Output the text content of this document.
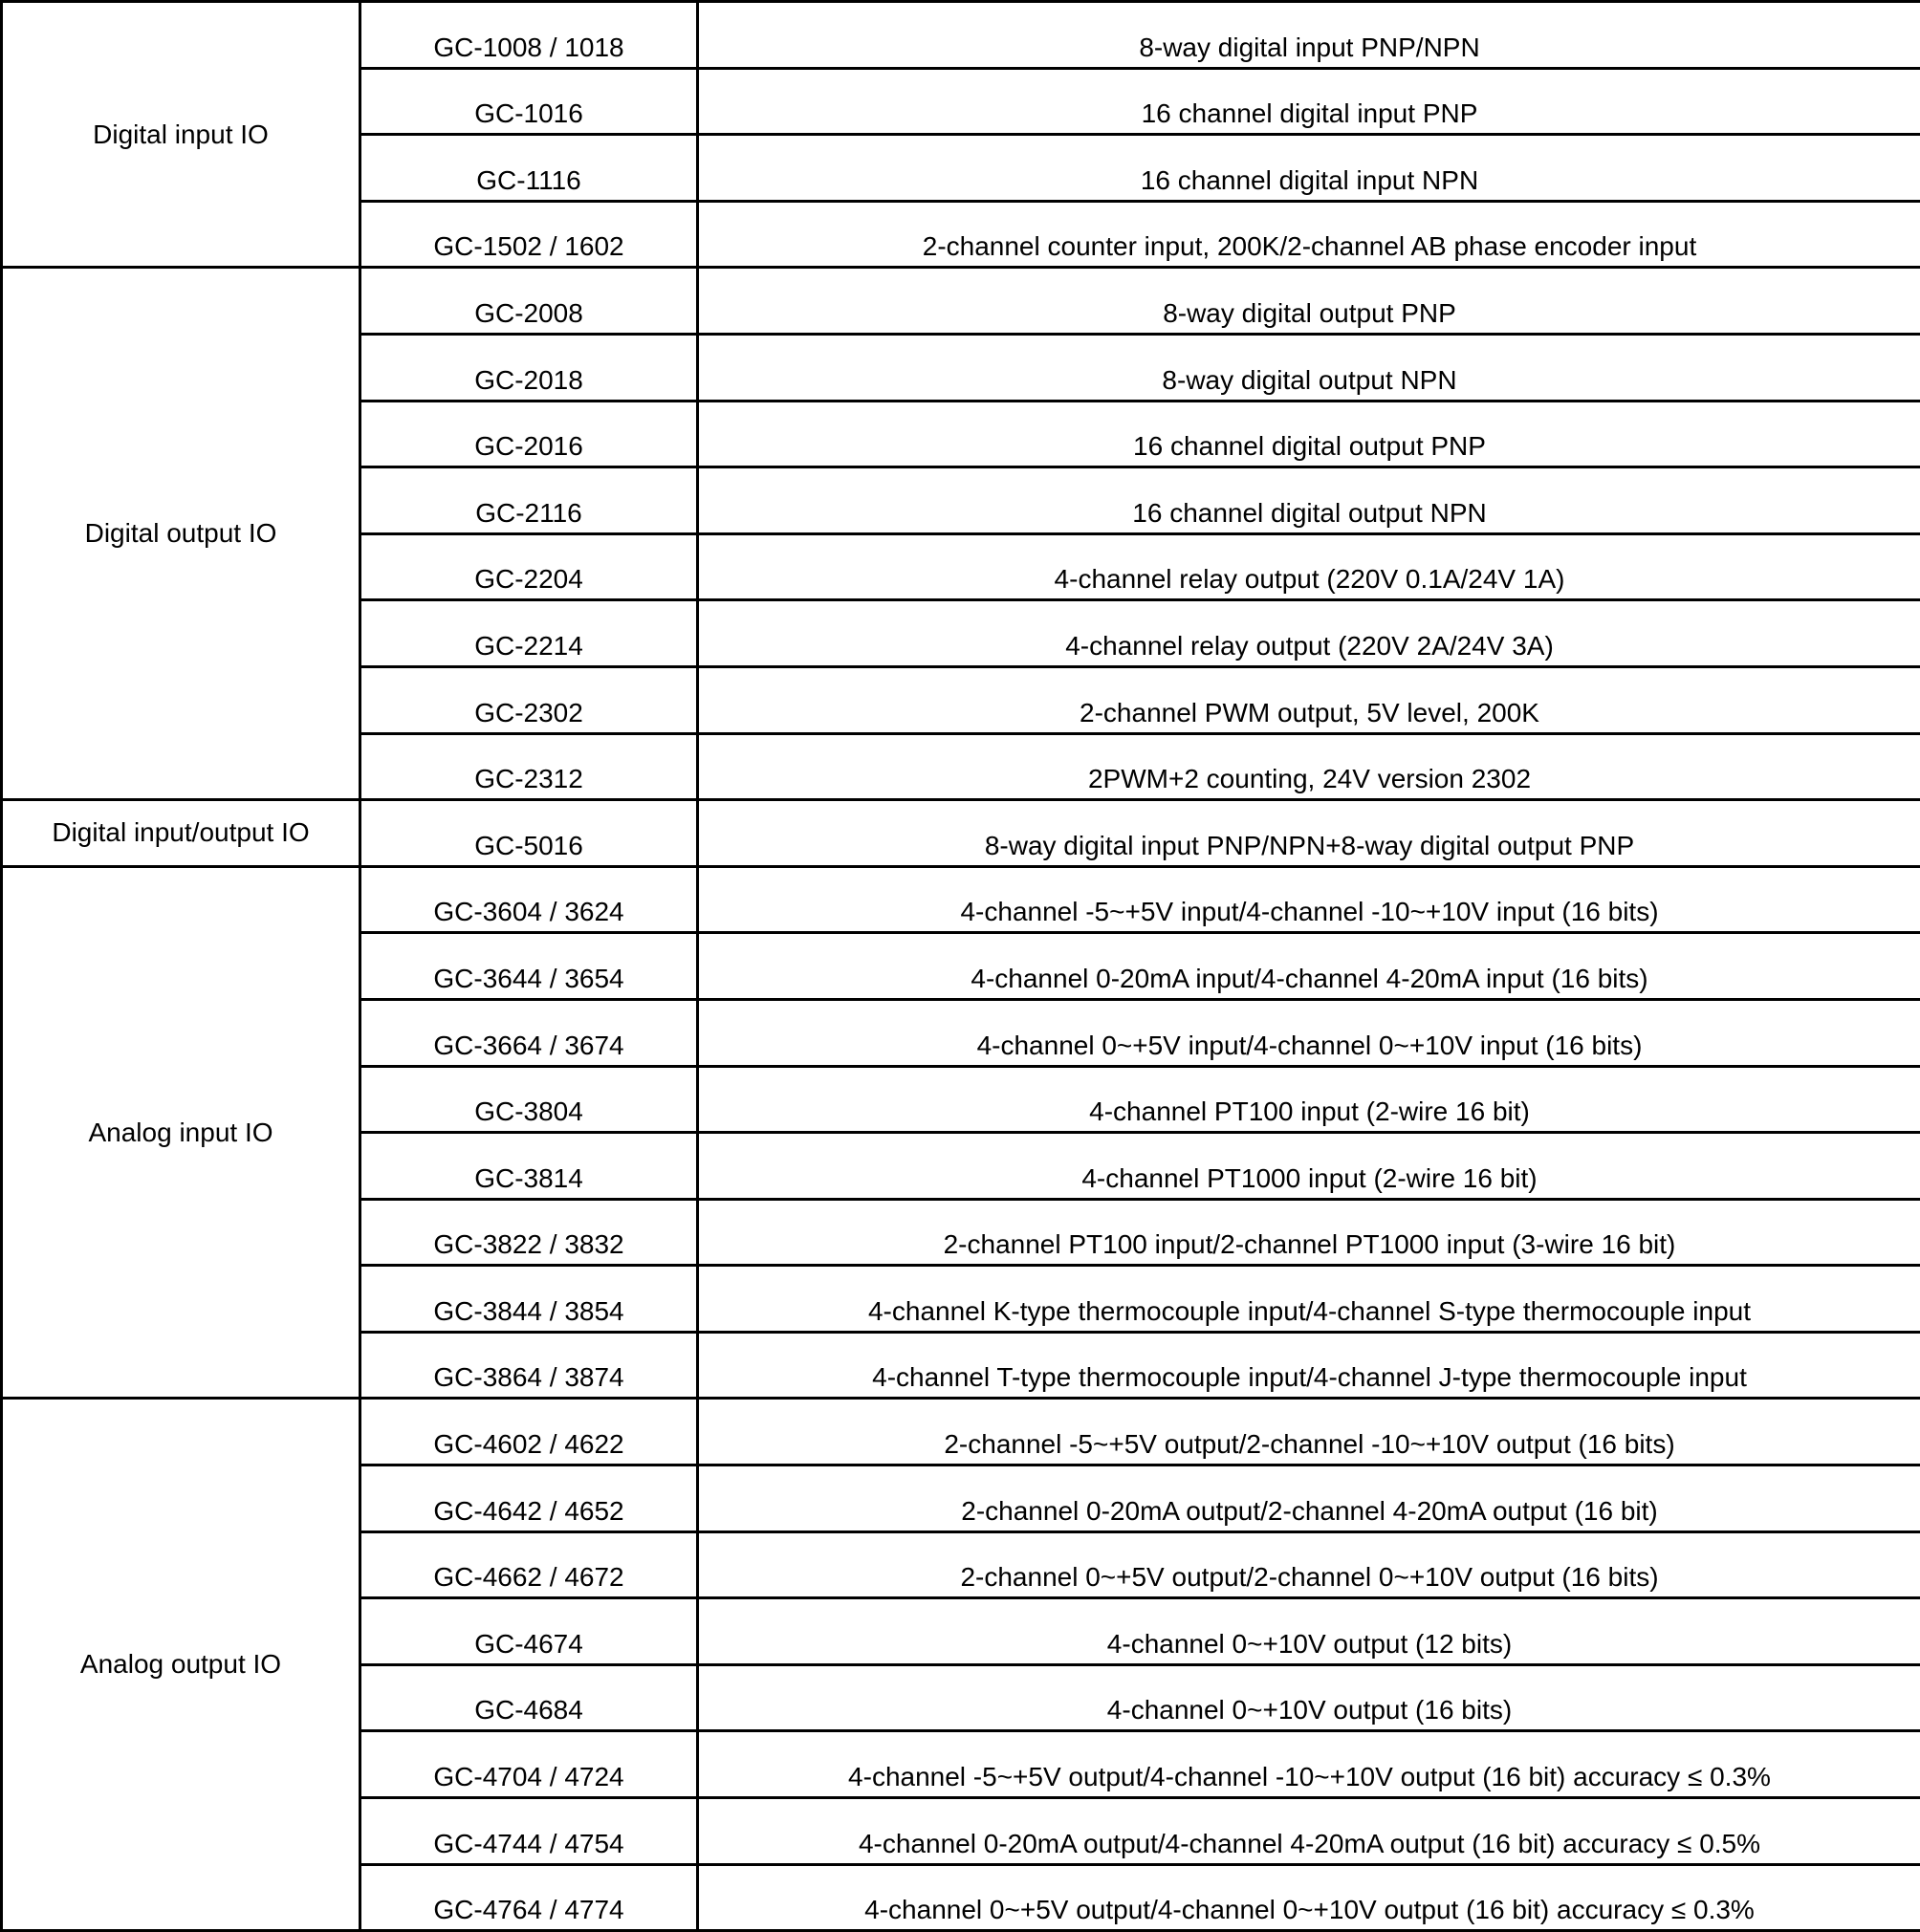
Digital input IO	GC-1008 / 1018	8-way digital input PNP/NPN
	GC-1016	16 channel digital input PNP
	GC-1116	16 channel digital input NPN
	GC-1502 / 1602	2-channel counter input, 200K/2-channel AB phase encoder input
Digital output IO	GC-2008	8-way digital output PNP
	GC-2018	8-way digital output NPN
	GC-2016	16 channel digital output PNP
	GC-2116	16 channel digital output NPN
	GC-2204	4-channel relay output (220V 0.1A/24V 1A)
	GC-2214	4-channel relay output (220V 2A/24V 3A)
	GC-2302	2-channel PWM output, 5V level, 200K
	GC-2312	2PWM+2 counting, 24V version 2302
Digital input/output IO	GC-5016	8-way digital input PNP/NPN+8-way digital output PNP
Analog input IO	GC-3604 / 3624	4-channel -5~+5V input/4-channel -10~+10V input (16 bits)
	GC-3644 / 3654	4-channel 0-20mA input/4-channel 4-20mA input (16 bits)
	GC-3664 / 3674	4-channel 0~+5V input/4-channel 0~+10V input (16 bits)
	GC-3804	4-channel PT100 input (2-wire 16 bit)
	GC-3814	4-channel PT1000 input (2-wire 16 bit)
	GC-3822 / 3832	2-channel PT100 input/2-channel PT1000 input (3-wire 16 bit)
	GC-3844 / 3854	4-channel K-type thermocouple input/4-channel S-type thermocouple input
	GC-3864 / 3874	4-channel T-type thermocouple input/4-channel J-type thermocouple input
Analog output IO	GC-4602 / 4622	2-channel -5~+5V output/2-channel -10~+10V output (16 bits)
	GC-4642 / 4652	2-channel 0-20mA output/2-channel 4-20mA output (16 bit)
	GC-4662 / 4672	2-channel 0~+5V output/2-channel 0~+10V output (16 bits)
	GC-4674	4-channel 0~+10V output (12 bits)
	GC-4684	4-channel 0~+10V output (16 bits)
	GC-4704 / 4724	4-channel -5~+5V output/4-channel -10~+10V output (16 bit) accuracy ≤ 0.3%
	GC-4744 / 4754	4-channel 0-20mA output/4-channel 4-20mA output (16 bit) accuracy ≤ 0.5%
	GC-4764 / 4774	4-channel 0~+5V output/4-channel 0~+10V output (16 bit) accuracy ≤ 0.3%
